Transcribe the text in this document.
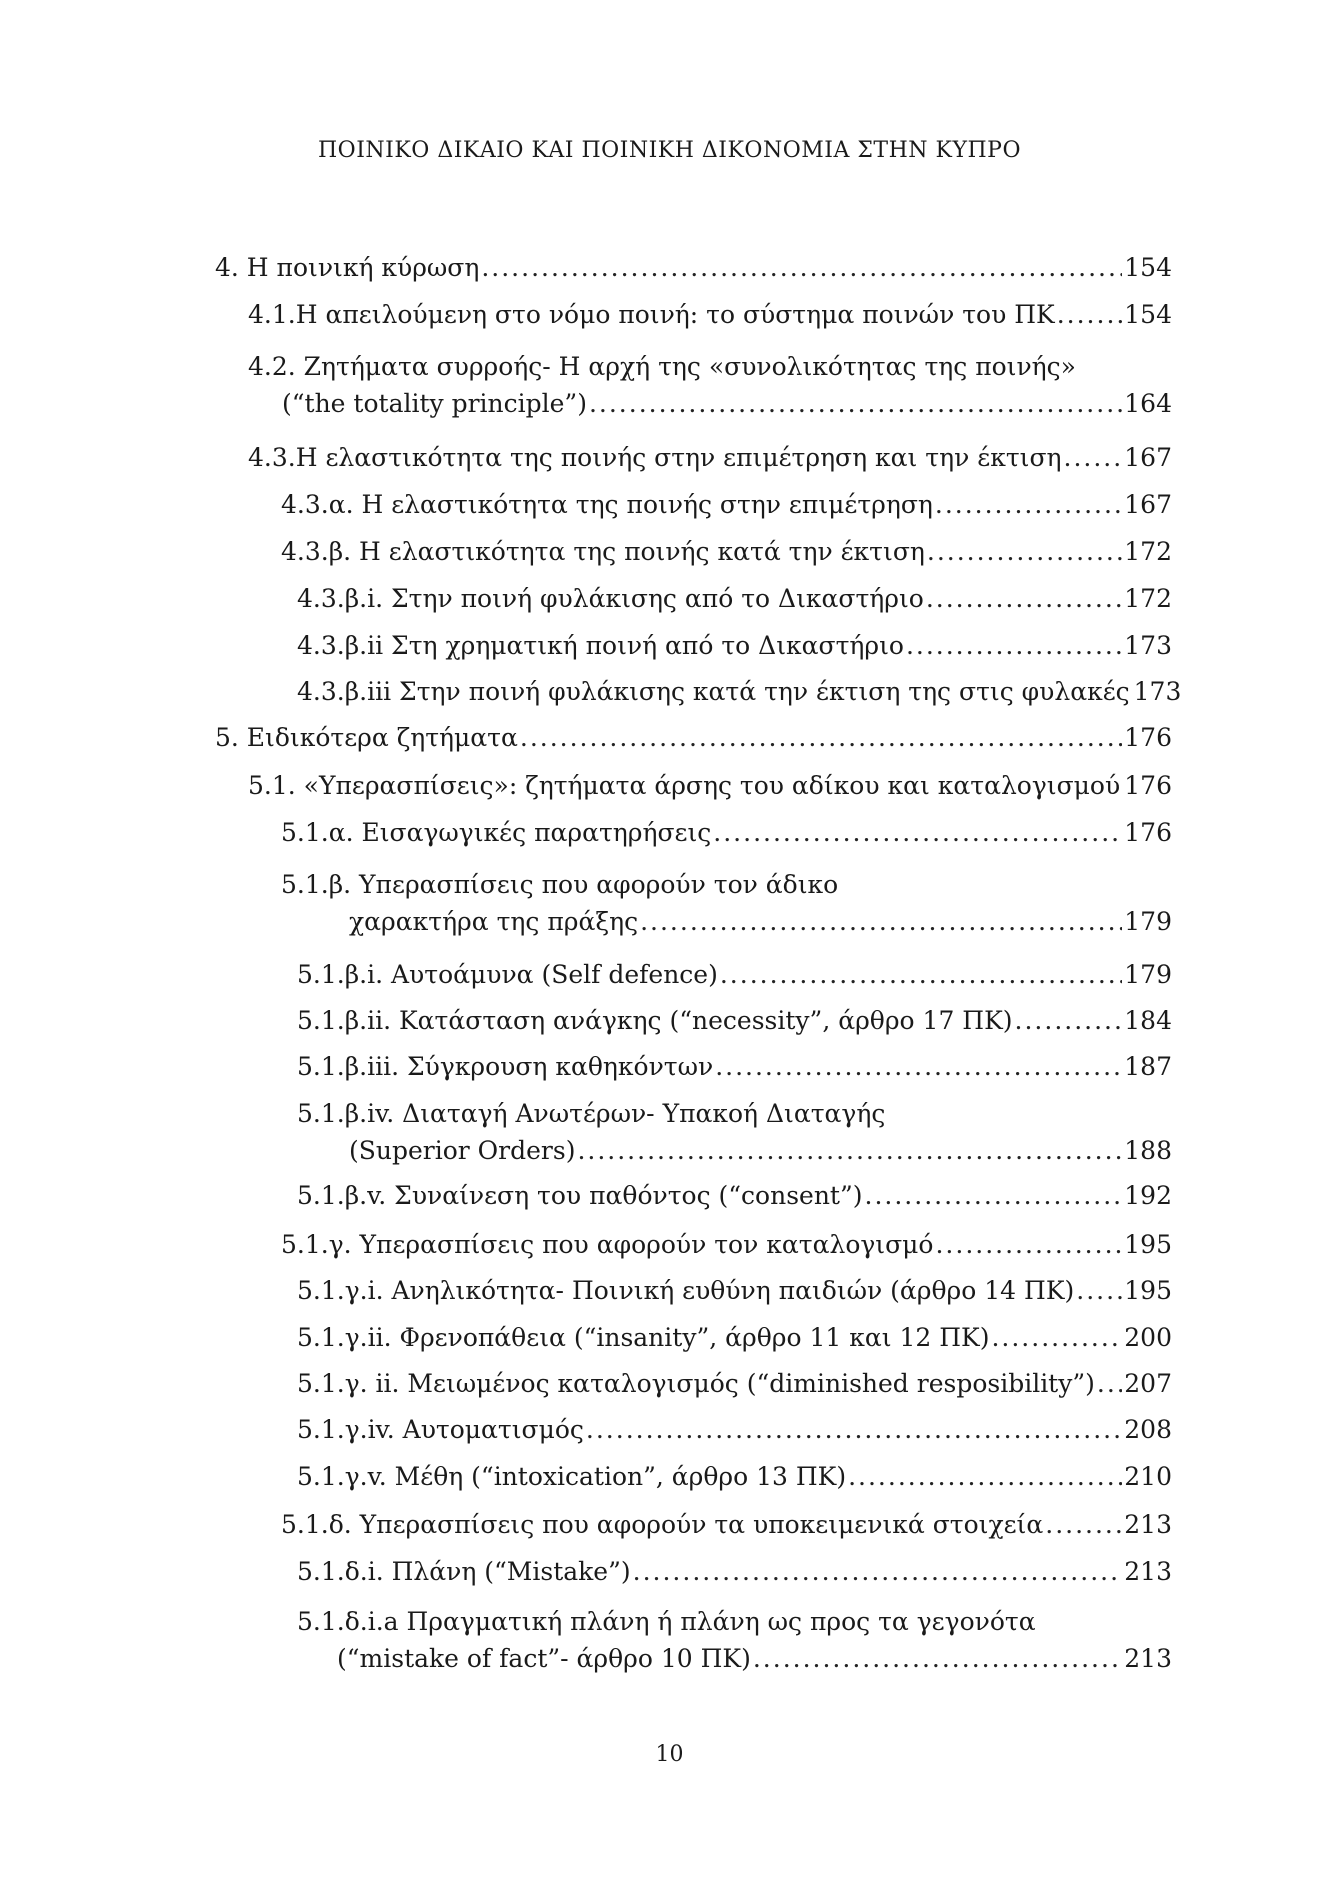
ΠΟΙΝΙΚΟ ΔΙΚΑΙΟ ΚΑΙ ΠΟΙΝΙΚΗ ΔΙΚΟΝΟΜΙΑ ΣΤΗΝ ΚΥΠΡΟ
4. Η ποινική κύρωση .....	154
4.1.Η απειλούμενη στο νόμο ποινή: το σύστημα ποινών του ΠΚ .....	154
4.2. Ζητήματα συρροής- Η αρχή της «συνολικότητας της ποινής»
(“the totality principle”) .....	164
4.3.Η ελαστικότητα της ποινής στην επιμέτρηση και την έκτιση .....	167
4.3.α. Η ελαστικότητα της ποινής στην επιμέτρηση .....	167
4.3.β. Η ελαστικότητα της ποινής κατά την έκτιση .....	172
4.3.β.i. Στην ποινή φυλάκισης από το Δικαστήριο .....	172
4.3.β.ii Στη χρηματική ποινή από το Δικαστήριο .....	173
4.3.β.iii Στην ποινή φυλάκισης κατά την έκτιση της στις φυλακές 173
5. Ειδικότερα ζητήματα .....	176
5.1. «Υπερασπίσεις»: ζητήματα άρσης του αδίκου και καταλογισμού ..... 176
5.1.α. Εισαγωγικές παρατηρήσεις .....	176
5.1.β. Υπερασπίσεις που αφορούν τον άδικο
χαρακτήρα της πράξης .....	179
5.1.β.i. Αυτοάμυνα (Self defence) .....	179
5.1.β.ii. Κατάσταση ανάγκης (“necessity”, άρθρο 17 ΠΚ) .....	184
5.1.β.iii. Σύγκρουση καθηκόντων .....	187
5.1.β.iv. Διαταγή Ανωτέρων- Υπακοή Διαταγής
(Superior Orders) .....	188
5.1.β.v. Συναίνεση του παθόντος (“consent”) .....	192
5.1.γ. Υπερασπίσεις που αφορούν τον καταλογισμό .....	195
5.1.γ.i. Ανηλικότητα- Ποινική ευθύνη παιδιών (άρθρο 14 ΠΚ) ..... 195
5.1.γ.ii. Φρενοπάθεια (“insanity”, άρθρο 11 και 12 ΠΚ) .....	200
5.1.γ. ii. Μειωμένος καταλογισμός (“diminished resposibility”) ..... 207
5.1.γ.iv. Αυτοματισμός .....	208
5.1.γ.v. Μέθη (“intoxication”, άρθρο 13 ΠΚ) .....	210
5.1.δ. Υπερασπίσεις που αφορούν τα υποκειμενικά στοιχεία .....	213
5.1.δ.i. Πλάνη (“Mistake”) .....	213
5.1.δ.i.a Πραγματική πλάνη ή πλάνη ως προς τα γεγονότα
(“mistake of fact”- άρθρο 10 ΠΚ) .....	213
10
